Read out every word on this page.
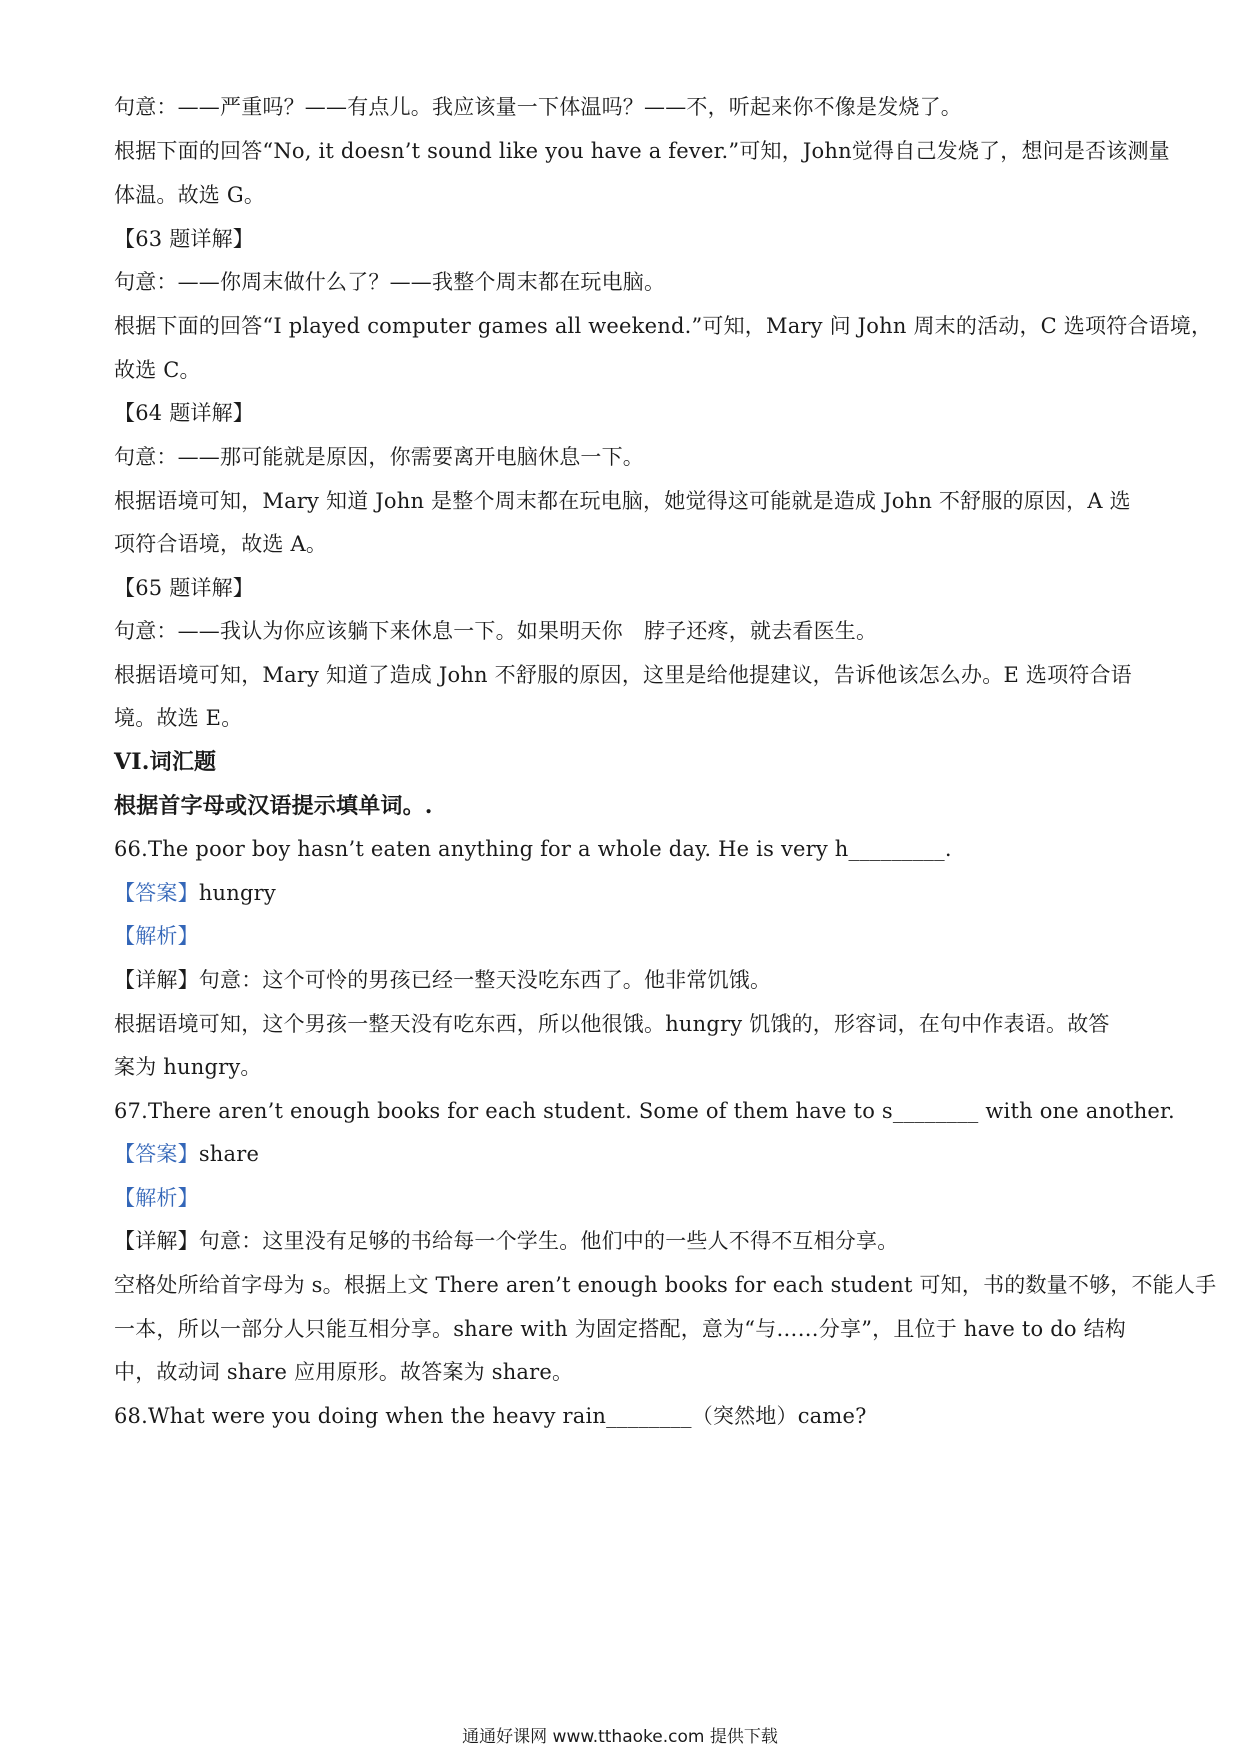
句意：——严重吗？——有点儿。我应该量一下体温吗？——不，听起来你不像是发烧了。
根据下面的回答“No, it doesn’t sound like you have a fever.”可知，John觉得自己发烧了，想问是否该测量
体温。故选 G。
【63 题详解】
句意：——你周末做什么了？——我整个周末都在玩电脑。
根据下面的回答“I played computer games all weekend.”可知，Mary 问 John 周末的活动，C 选项符合语境，
故选 C。
【64 题详解】
句意：——那可能就是原因，你需要离开电脑休息一下。
根据语境可知，Mary 知道 John 是整个周末都在玩电脑，她觉得这可能就是造成 John 不舒服的原因，A 选
项符合语境，故选 A。
【65 题详解】
句意：——我认为你应该躺下来休息一下。如果明天你　脖子还疼，就去看医生。
根据语境可知，Mary 知道了造成 John 不舒服的原因，这里是给他提建议，告诉他该怎么办。E 选项符合语
境。故选 E。
VI.词汇题
根据首字母或汉语提示填单词。.
66.The poor boy hasn’t eaten anything for a whole day. He is very h_________.
【答案】hungry
【解析】
【详解】句意：这个可怜的男孩已经一整天没吃东西了。他非常饥饿。
根据语境可知，这个男孩一整天没有吃东西，所以他很饿。hungry 饥饿的，形容词，在句中作表语。故答
案为 hungry。
67.There aren’t enough books for each student. Some of them have to s________ with one another.
【答案】share
【解析】
【详解】句意：这里没有足够的书给每一个学生。他们中的一些人不得不互相分享。
空格处所给首字母为 s。根据上文 There aren’t enough books for each student 可知，书的数量不够，不能人手
一本，所以一部分人只能互相分享。share with 为固定搭配，意为“与……分享”，且位于 have to do 结构
中，故动词 share 应用原形。故答案为 share。
68.What were you doing when the heavy rain________（突然地）came?
通通好课网 www.tthaoke.com 提供下载
